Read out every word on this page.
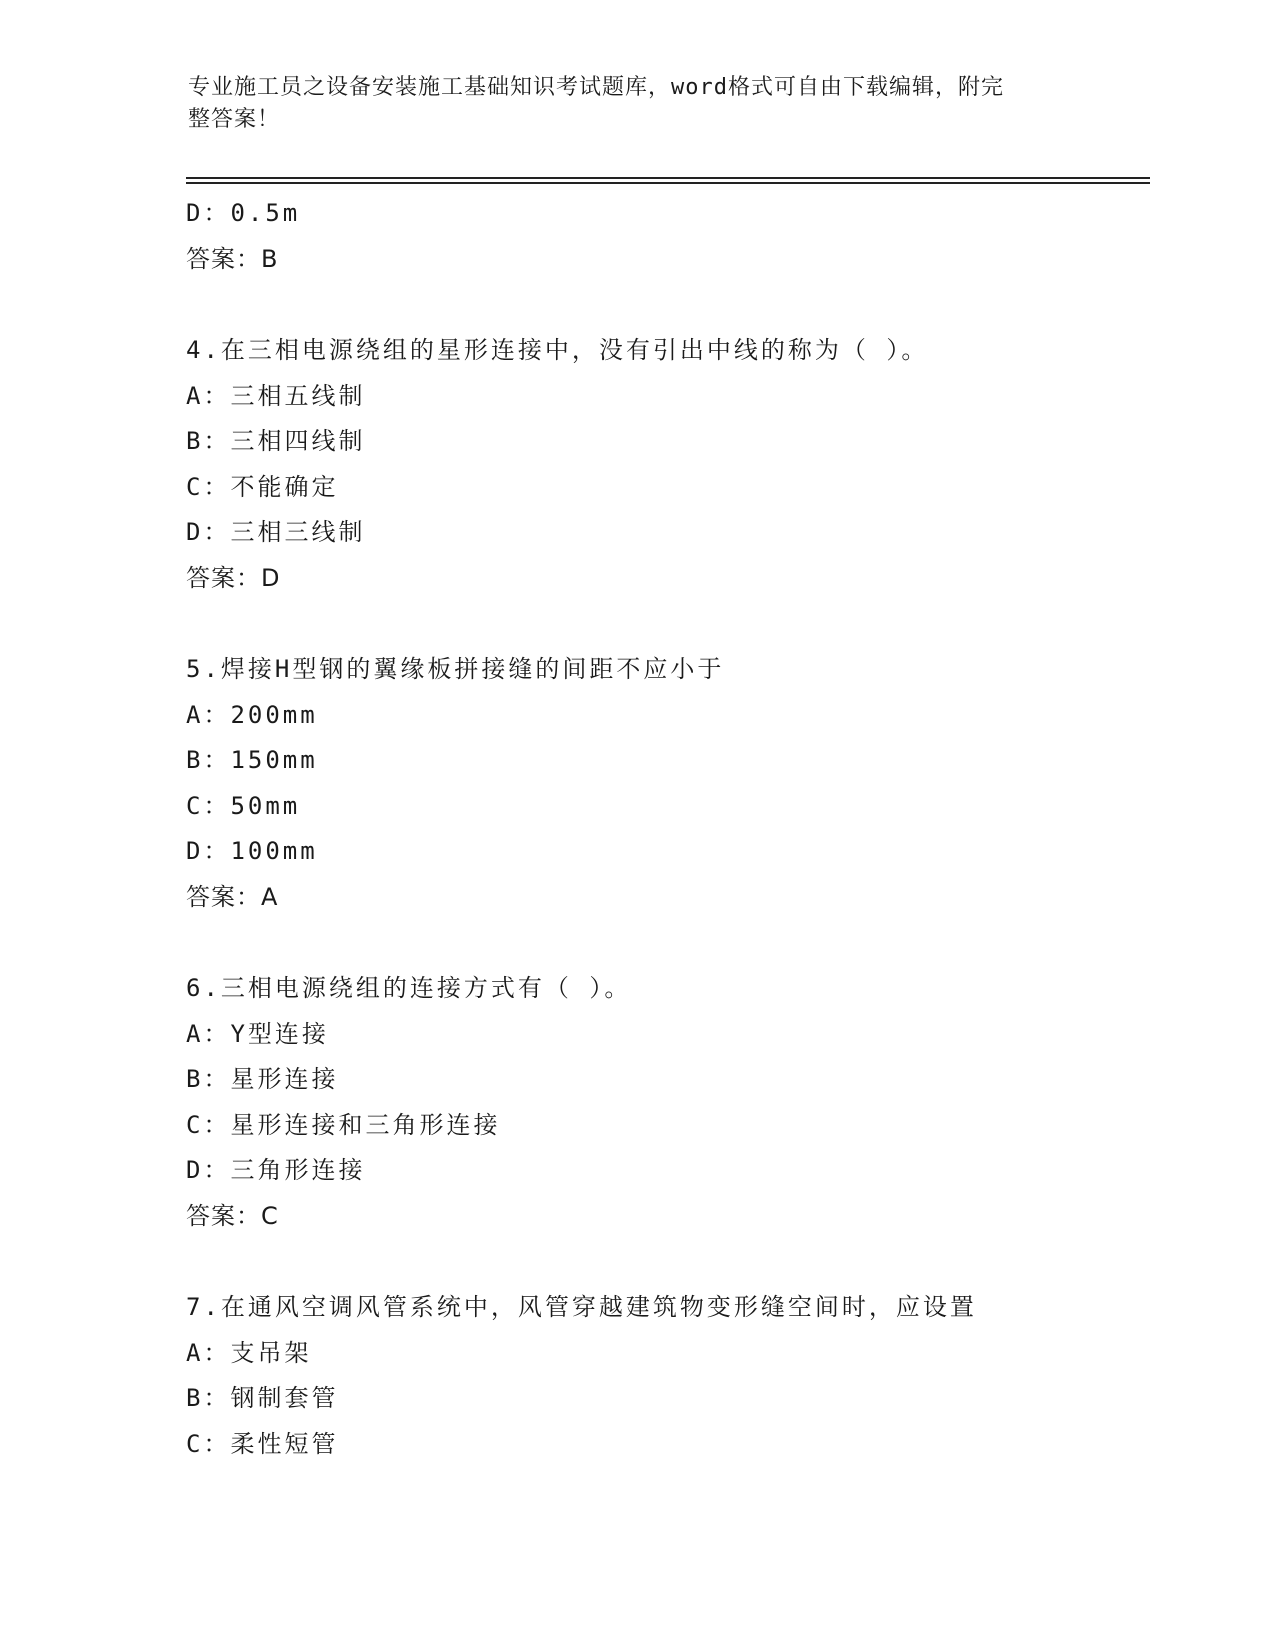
专业施工员之设备安装施工基础知识考试题库，word格式可自由下载编辑，附完
整答案！
D：0.5m
答案：B
4.在三相电源绕组的星形连接中，没有引出中线的称为（ ）。
A：三相五线制
B：三相四线制
C：不能确定
D：三相三线制
答案：D
5.焊接H型钢的翼缘板拼接缝的间距不应小于
A：200mm
B：150mm
C：50mm
D：100mm
答案：A
6.三相电源绕组的连接方式有（ ）。
A：Y型连接
B：星形连接
C：星形连接和三角形连接
D：三角形连接
答案：C
7.在通风空调风管系统中，风管穿越建筑物变形缝空间时，应设置
A：支吊架
B：钢制套管
C：柔性短管
